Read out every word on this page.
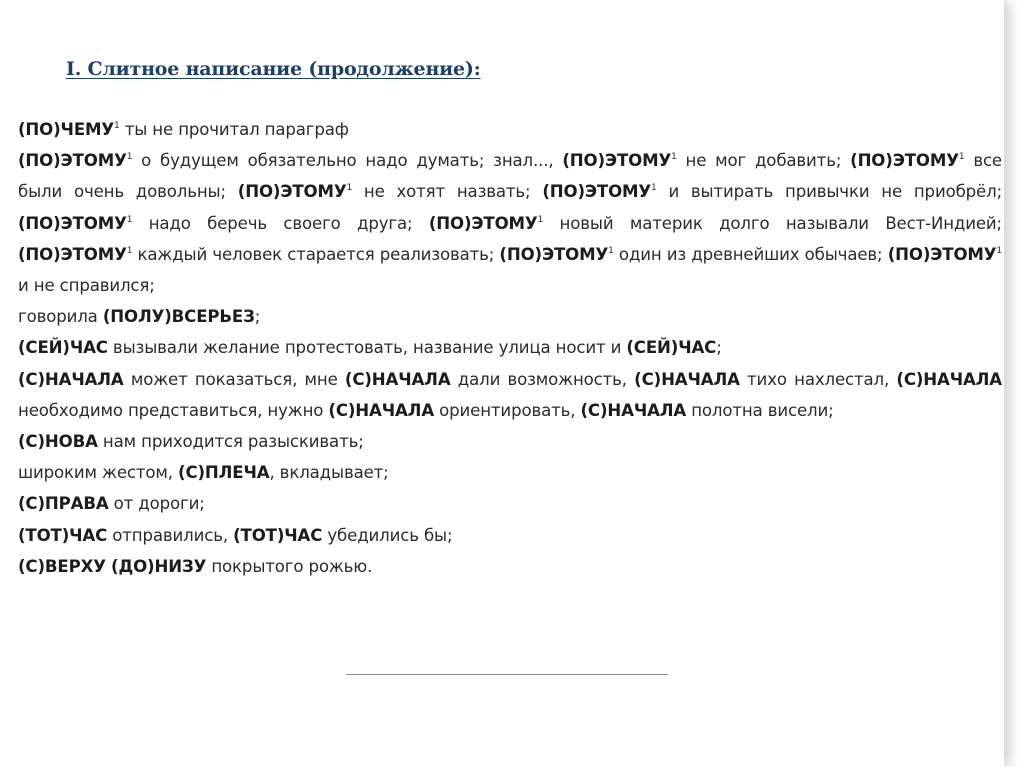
I. Слитное написание (продолжение):

(ПО)ЧЕМУ$^1$ ты не прочитал параграф

(ПО)ЭТОМУ$^1$ о будущем обязательно надо думать; знал..., (ПО)ЭТОМУ$^1$ не мог добавить; (ПО)ЭТОМУ$^1$ все были очень довольны; (ПО)ЭТОМУ$^1$ не хотят назвать; (ПО)ЭТОМУ$^1$ и вытирать привычки не приобрёл; (ПО)ЭТОМУ$^1$ надо беречь своего друга; (ПО)ЭТОМУ$^1$ новый материк долго называли Вест-Индией; (ПО)ЭТОМУ$^1$ каждый человек старается реализовать; (ПО)ЭТОМУ$^1$ один из древнейших обычаев; (ПО)ЭТОМУ$^1$ и не справился;

говорила (ПОЛУ)ВСЕРЬЕЗ;

(СЕЙ)ЧАС вызывали желание протестовать, название улица носит и (СЕЙ)ЧАС;

(С)НАЧАЛА может показаться, мне (С)НАЧАЛА дали возможность, (С)НАЧАЛА тихо нахлестал, (С)НАЧАЛА необходимо представиться, нужно (С)НАЧАЛА ориентировать, (С)НАЧАЛА полотна висели;

(С)НОВА нам приходится разыскивать;

широким жестом, (С)ПЛЕЧА, вкладывает;

(С)ПРАВА от дороги;

(ТОТ)ЧАС отправились, (ТОТ)ЧАС убедились бы;

(С)ВЕРХУ (ДО)НИЗУ покрытого рожью.
